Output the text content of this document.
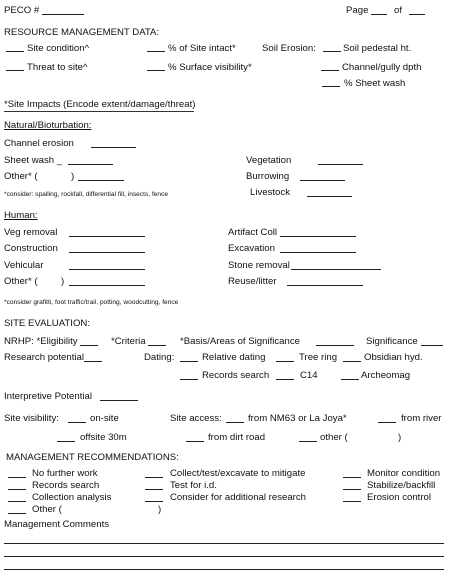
PECO #	Page	of
RESOURCE MANAGEMENT DATA:
Site condition^	% of Site intact*	Soil Erosion:	Soil pedestal ht.
Threat to site^	% Surface visibility*	Channel/gully dpth
% Sheet wash
*Site Impacts (Encode extent/damage/threat)
Natural/Bioturbation:
Channel erosion
Sheet wash _	Vegetation
Other* (	)	Burrowing
*consider: spalling, rockfall, differential fill, insects, fence	Livestock
Human:
Veg removal	Artifact Coll
Construction	Excavation
Vehicular	Stone removal
Other* ( )	Reuse/litter
*consider grafitti, foot traffic/trail, potting, woodcutting, fence
SITE EVALUATION:
NRHP: *Eligibility	*Criteria	*Basis/Areas of Significance	Significance
Research potential	Dating:	Relative dating	Tree ring	Obsidian hyd.
Records search	C14	Archeomag
Interpretive Potential
Site visibility:	on-site	Site access:	from NM63 or La Joya*	from river
offsite 30m	from dirt road	other (	)
MANAGEMENT RECOMMENDATIONS:
No further work	Collect/test/excavate to mitigate	Monitor condition
Records search	Test for i.d.	Stabilize/backfill
Collection analysis	Consider for additional research	Erosion control
Other (	)
Management Comments
